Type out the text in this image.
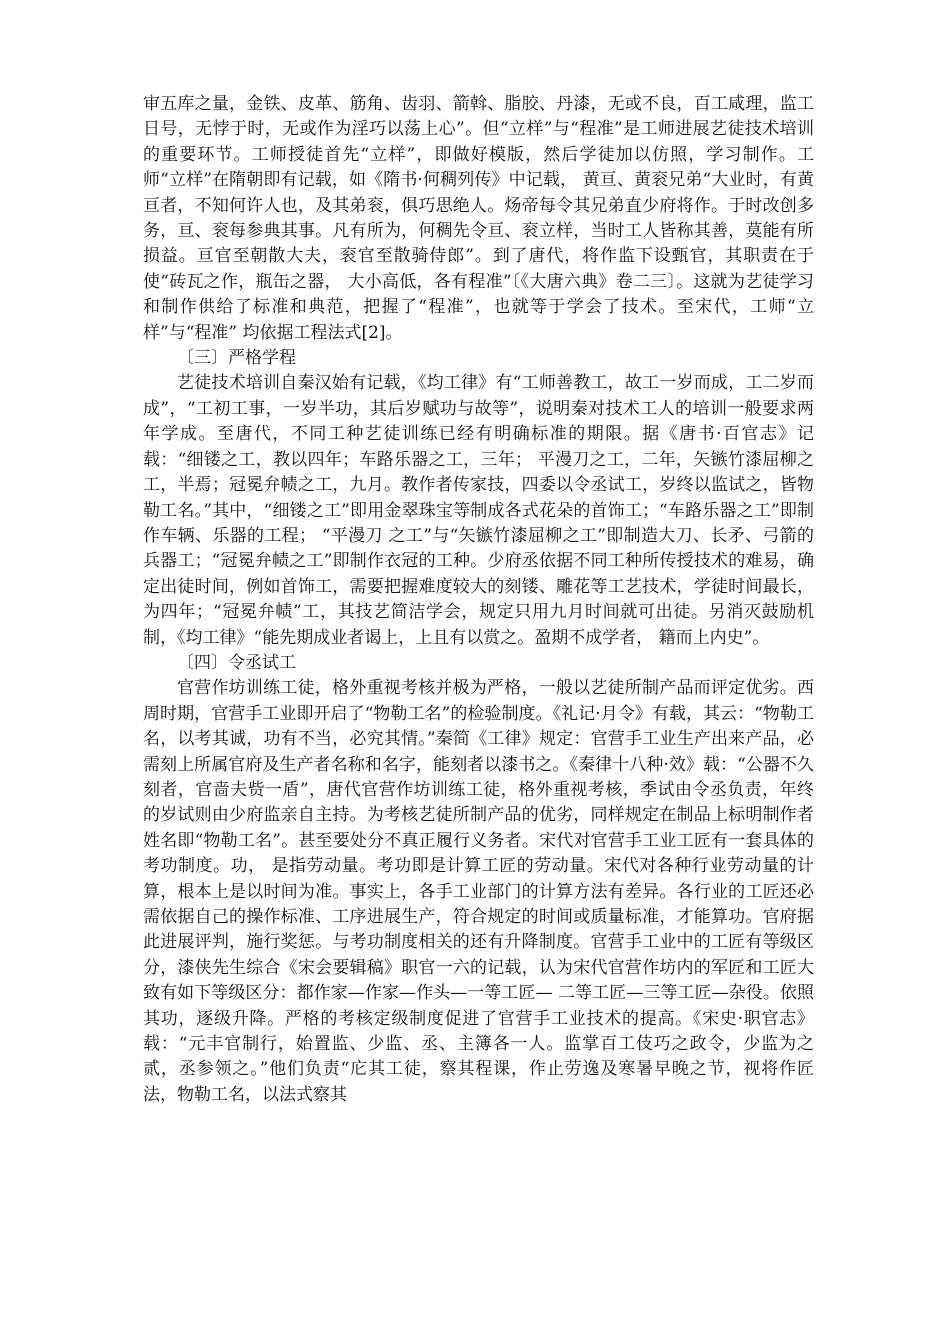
审五库之量，金铁、皮革、筋角、齿羽、箭斡、脂胶、丹漆，无或不良，百工咸理，监工日号，无悖于时，无或作为淫巧以荡上心”。但“立样”与“程准”是工师进展艺徒技术培训的重要环节。工师授徒首先“立样”，即做好模版，然后学徒加以仿照，学习制作。工师“立样”在隋朝即有记载，如《隋书·何稠列传》中记载， 黄亘、黄衮兄弟“大业时，有黄亘者，不知何许人也，及其弟衮，俱巧思绝人。炀帝每令其兄弟直少府将作。于时改创多务，亘、衮每参典其事。凡有所为，何稠先令亘、衮立样，当时工人皆称其善，莫能有所损益。亘官至朝散大夫，衮官至散骑侍郎”。到了唐代，将作监下设甄官，其职责在于使“砖瓦之作，瓶缶之器， 大小高低，各有程准”〔《大唐六典》卷二三〕。这就为艺徒学习和制作供给了标准和典范，把握了“程准”，也就等于学会了技术。至宋代，工师“立样”与“程准” 均依据工程法式[2]。

〔三〕严格学程

艺徒技术培训自秦汉始有记载，《均工律》有“工师善教工，故工一岁而成，工二岁而成”，“工初工事，一岁半功，其后岁赋功与故等”，说明秦对技术工人的培训一般要求两年学成。至唐代，不同工种艺徒训练已经有明确标准的期限。据《唐书·百官志》记载：“细镂之工，教以四年；车路乐器之工，三年； 平漫刀之工，二年，矢镞竹漆屈柳之工，半焉；冠冕弁帻之工，九月。教作者传家技，四委以令丞试工，岁终以监试之，皆物勒工名。”其中，“细镂之工”即用金翠珠宝等制成各式花朵的首饰工；“车路乐器之工”即制作车辆、乐器的工程； “平漫刀 之工”与“矢镞竹漆屈柳之工”即制造大刀、长矛、弓箭的兵器工；“冠冕弁帻之工”即制作衣冠的工种。少府丞依据不同工种所传授技术的难易，确定出徒时间，例如首饰工，需要把握难度较大的刻镂、雕花等工艺技术，学徒时间最长，为四年；“冠冕弁帻”工，其技艺简洁学会，规定只用九月时间就可出徒。另消灭鼓励机制，《均工律》“能先期成业者谒上，上且有以赏之。盈期不成学者， 籍而上内史”。

〔四〕令丞试工

官营作坊训练工徒，格外重视考核并极为严格，一般以艺徒所制产品而评定优劣。西周时期，官营手工业即开启了“物勒工名”的检验制度。《礼记·月令》有载，其云：“物勒工名，以考其诚，功有不当，必究其情。”秦简《工律》规定：官营手工业生产出来产品，必需刻上所属官府及生产者名称和名字，能刻者以漆书之。《秦律十八种·效》载：“公器不久刻者，官啬夫赀一盾”，唐代官营作坊训练工徒，格外重视考核，季试由令丞负责，年终的岁试则由少府监亲自主持。为考核艺徒所制产品的优劣，同样规定在制品上标明制作者姓名即“物勒工名”。甚至要处分不真正履行义务者。宋代对官营手工业工匠有一套具体的考功制度。功， 是指劳动量。考功即是计算工匠的劳动量。宋代对各种行业劳动量的计算，根本上是以时间为准。事实上，各手工业部门的计算方法有差异。各行业的工匠还必需依据自己的操作标准、工序进展生产，符合规定的时间或质量标准，才能算功。官府据此进展评判，施行奖惩。与考功制度相关的还有升降制度。官营手工业中的工匠有等级区分，漆侠先生综合《宋会要辑稿》职官一六的记载，认为宋代官营作坊内的军匠和工匠大致有如下等级区分：都作家—作家—作头—一等工匠— 二等工匠—三等工匠—杂役。依照其功，逐级升降。严格的考核定级制度促进了官营手工业技术的提高。《宋史·职官志》载：“元丰官制行，始置监、少监、丞、主簿各一人。监掌百工伎巧之政令，少监为之贰，丞参领之。”他们负责“庀其工徒，察其程课，作止劳逸及寒暑早晚之节，视将作匠法，物勒工名，以法式察其
